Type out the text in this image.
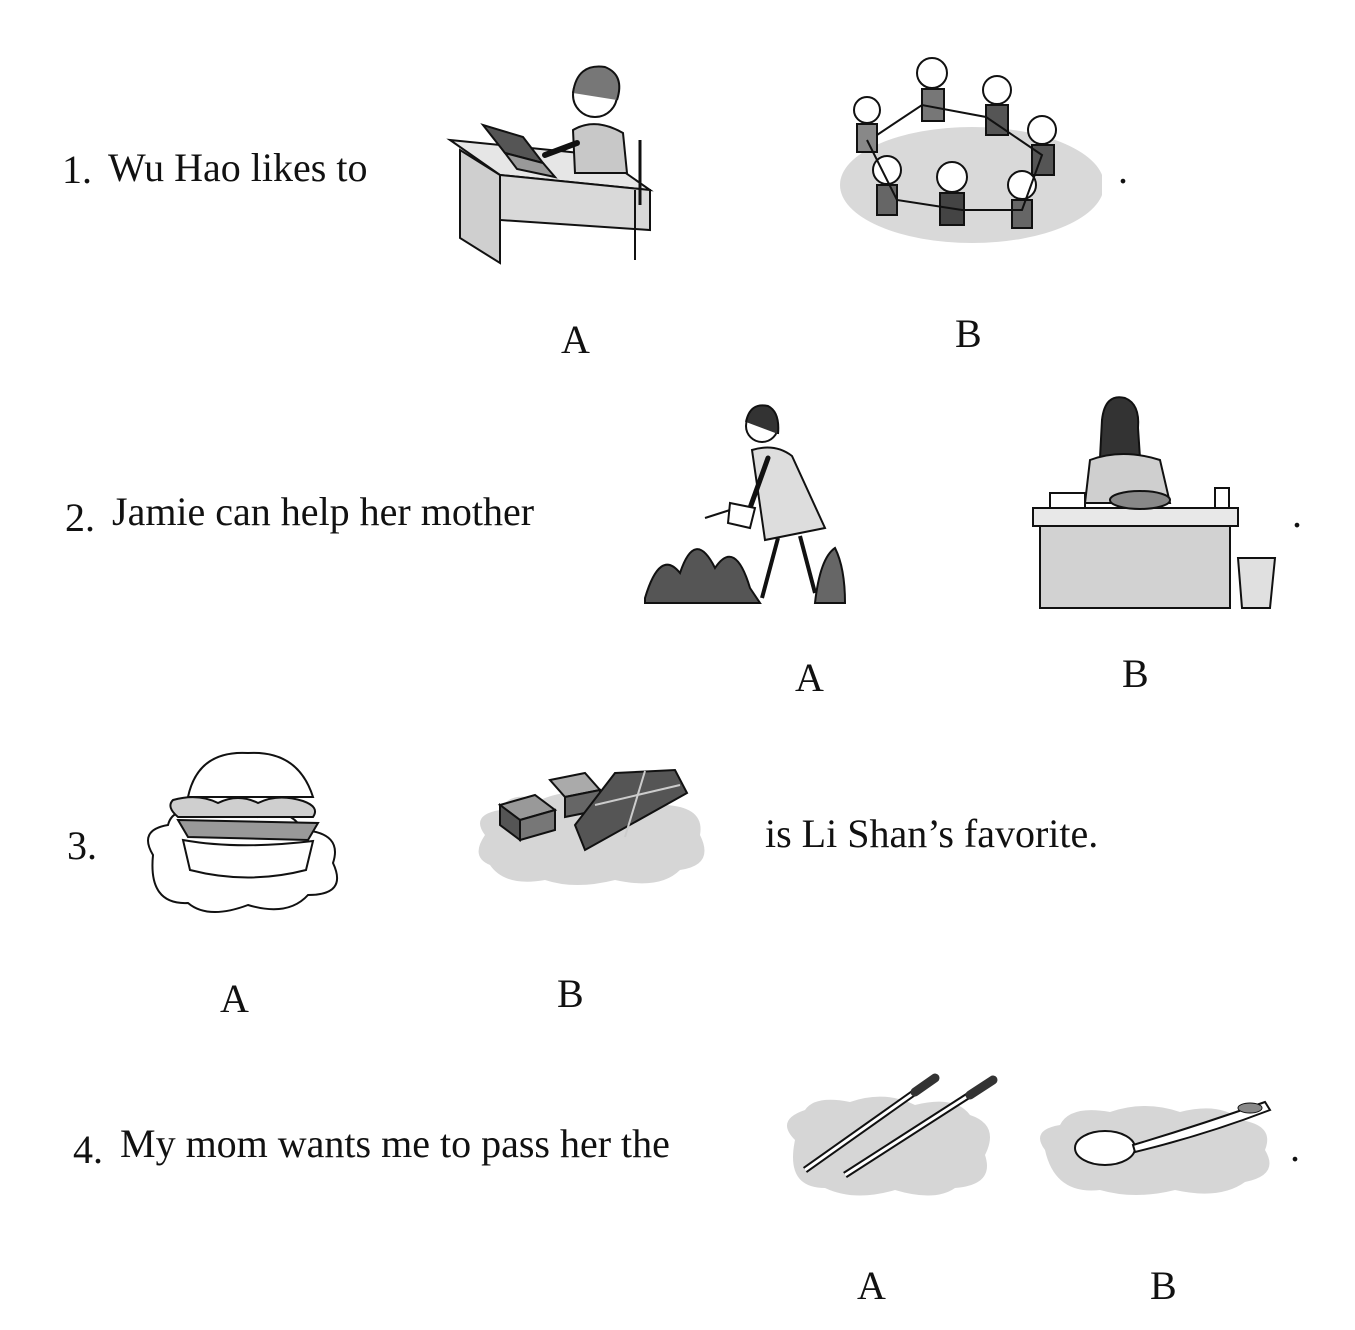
1. Wu Hao likes to	.
A	B
2. Jamie can help her mother	.
A	B
3.	is Li Shan’s favorite.
A	B
4. My mom wants me to pass her the	.
A	B
